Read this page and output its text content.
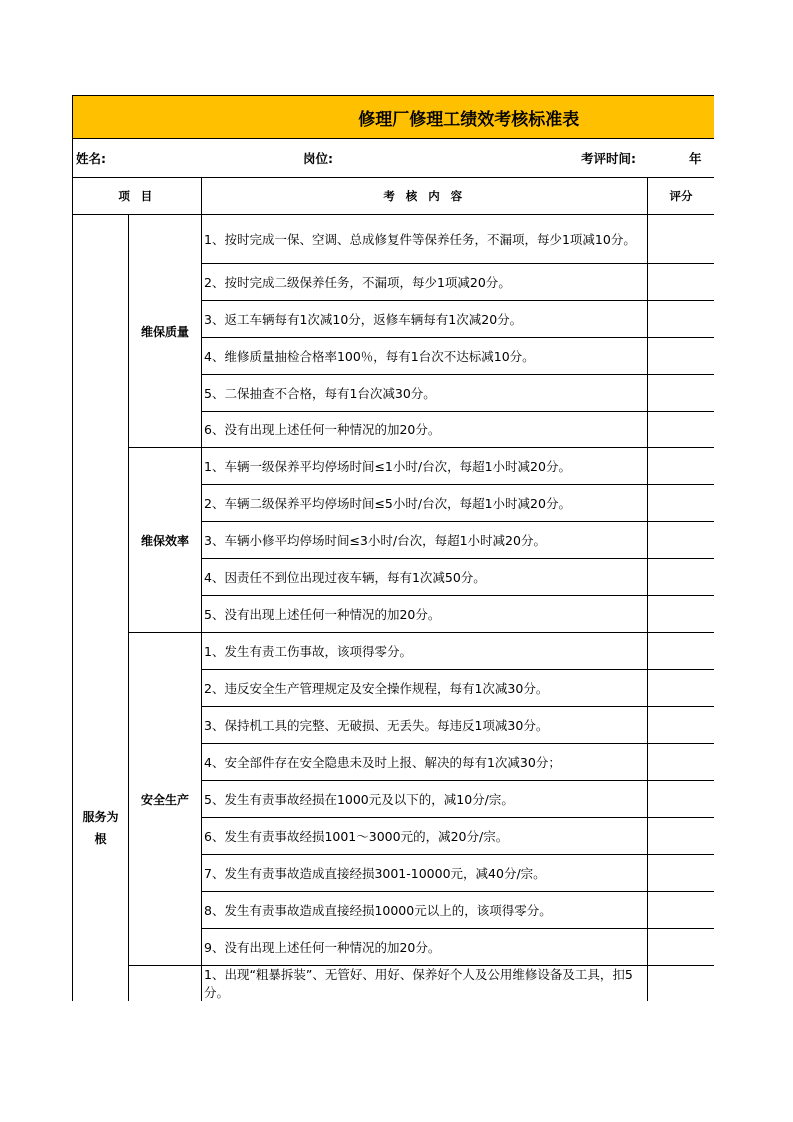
修理厂修理工绩效考核标准表			

姓名: 岗位: 考评时间: 年			

项 目		考 核 内 容	评分

服务为根	维保质量	1、按时完成一保、空调、总成修复件等保养任务，不漏项，每少1项减10分。	
		2、按时完成二级保养任务，不漏项，每少1项减20分。	
		3、返工车辆每有1次减10分，返修车辆每有1次减20分。	
		4、维修质量抽检合格率100％，每有1台次不达标减10分。	
		5、二保抽查不合格，每有1台次减30分。	
		6、没有出现上述任何一种情况的加20分。	
	维保效率	1、车辆一级保养平均停场时间≤1小时/台次，每超1小时减20分。	
		2、车辆二级保养平均停场时间≤5小时/台次，每超1小时减20分。	
		3、车辆小修平均停场时间≤3小时/台次，每超1小时减20分。	
		4、因责任不到位出现过夜车辆，每有1次减50分。	
		5、没有出现上述任何一种情况的加20分。	
	安全生产	1、发生有责工伤事故，该项得零分。	
		2、违反安全生产管理规定及安全操作规程，每有1次减30分。	
		3、保持机工具的完整、无破损、无丢失。每违反1项减30分。	
		4、安全部件存在安全隐患未及时上报、解决的每有1次减30分；	
		5、发生有责事故经损在1000元及以下的，减10分/宗。	
		6、发生有责事故经损1001～3000元的，减20分/宗。	
		7、发生有责事故造成直接经损3001-10000元，减40分/宗。	
		8、发生有责事故造成直接经损10000元以上的，该项得零分。	
		9、没有出现上述任何一种情况的加20分。	
		1、出现“粗暴拆装”、无管好、用好、保养好个人及公用维修设备及工具，扣5分。	
